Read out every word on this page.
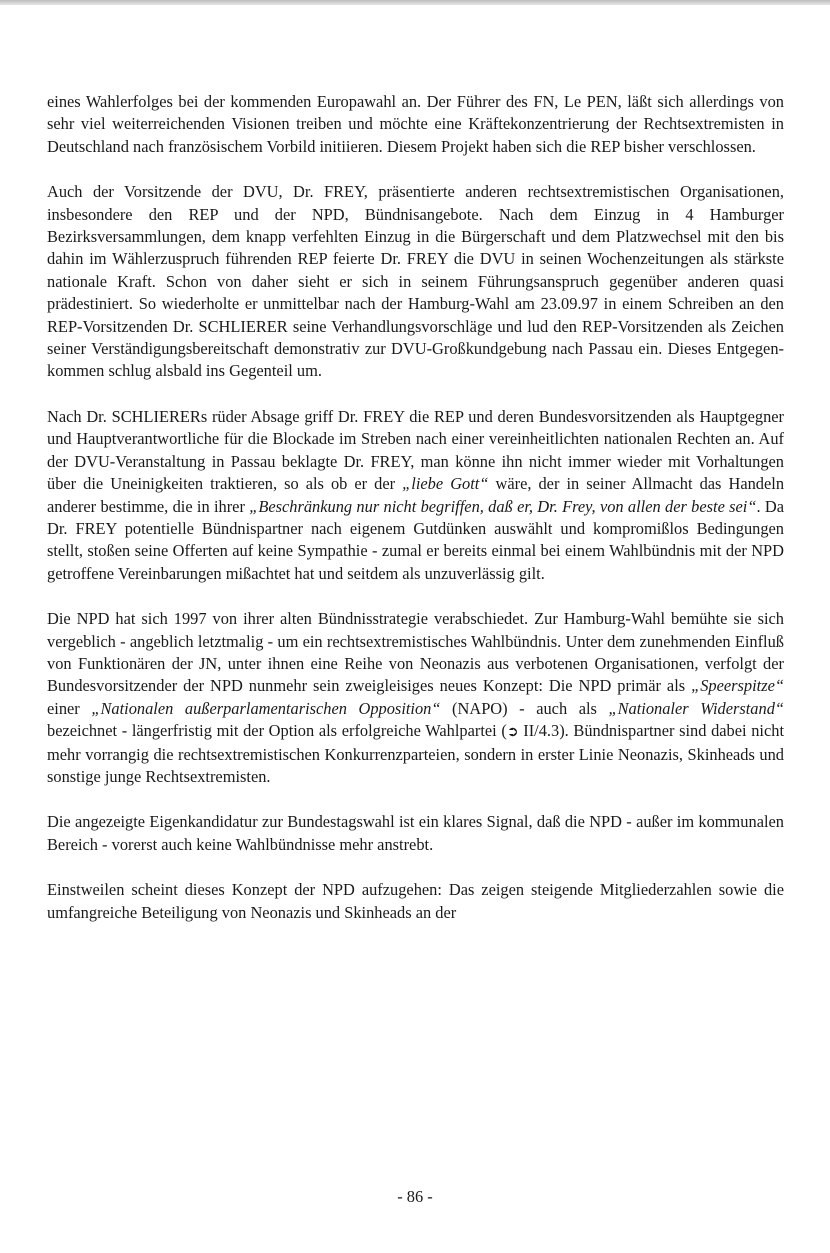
eines Wahlerfolges bei der kommenden Europawahl an. Der Führer des FN, Le PEN, läßt sich allerdings von sehr viel weiterreichenden Visionen treiben und möchte eine Kräftekonzentrierung der Rechtsextremisten in Deutschland nach französischem Vorbild initiieren. Diesem Projekt haben sich die REP bisher verschlossen.

Auch der Vorsitzende der DVU, Dr. FREY, präsentierte anderen rechtsextremistischen Organisationen, insbesondere den REP und der NPD, Bündnisangebote. Nach dem Einzug in 4 Hamburger Bezirksversammlungen, dem knapp verfehlten Einzug in die Bürgerschaft und dem Platzwechsel mit den bis dahin im Wählerzuspruch führenden REP feierte Dr. FREY die DVU in seinen Wochenzeitungen als stärkste nationale Kraft. Schon von daher sieht er sich in seinem Führungsanspruch gegenüber anderen quasi prädestiniert. So wiederholte er unmittelbar nach der Hamburg-Wahl am 23.09.97 in einem Schreiben an den REP-Vorsitzenden Dr. SCHLIERER seine Verhandlungsvorschläge und lud den REP-Vorsitzenden als Zeichen seiner Verständigungsbereitschaft demonstrativ zur DVU-Großkundgebung nach Passau ein. Dieses Entgegenkommen schlug alsbald ins Gegenteil um.

Nach Dr. SCHLIERERs rüder Absage griff Dr. FREY die REP und deren Bundesvorsitzenden als Hauptgegner und Hauptverantwortliche für die Blockade im Streben nach einer vereinheitlichten nationalen Rechten an. Auf der DVU-Veranstaltung in Passau beklagte Dr. FREY, man könne ihn nicht immer wieder mit Vorhaltungen über die Uneinigkeiten traktieren, so als ob er der „liebe Gott“ wäre, der in seiner Allmacht das Handeln anderer bestimme, die in ihrer „Beschränkung nur nicht begriffen, daß er, Dr. Frey, von allen der beste sei“. Da Dr. FREY potentielle Bündnispartner nach eigenem Gutdünken auswählt und kompromißlos Bedingungen stellt, stoßen seine Offerten auf keine Sympathie - zumal er bereits einmal bei einem Wahlbündnis mit der NPD getroffene Vereinbarungen mißachtet hat und seitdem als unzuverlässig gilt.

Die NPD hat sich 1997 von ihrer alten Bündnisstrategie verabschiedet. Zur Hamburg-Wahl bemühte sie sich vergeblich - angeblich letztmalig - um ein rechtsextremistisches Wahlbündnis. Unter dem zunehmenden Einfluß von Funktionären der JN, unter ihnen eine Reihe von Neonazis aus verbotenen Organisationen, verfolgt der Bundesvorsitzender der NPD nunmehr sein zweigleisiges neues Konzept: Die NPD primär als „Speerspitze“ einer „Nationalen außerparlamentarischen Opposition“ (NAPO) - auch als „Nationaler Widerstand“ bezeichnet - längerfristig mit der Option als erfolgreiche Wahlpartei (➲ II/4.3). Bündnispartner sind dabei nicht mehr vorrangig die rechtsextremistischen Konkurrenzparteien, sondern in erster Linie Neonazis, Skinheads und sonstige junge Rechtsextremisten.

Die angezeigte Eigenkandidatur zur Bundestagswahl ist ein klares Signal, daß die NPD - außer im kommunalen Bereich - vorerst auch keine Wahlbündnisse mehr anstrebt.

Einstweilen scheint dieses Konzept der NPD aufzugehen: Das zeigen steigende Mitgliederzahlen sowie die umfangreiche Beteiligung von Neonazis und Skinheads an der

- 86 -
